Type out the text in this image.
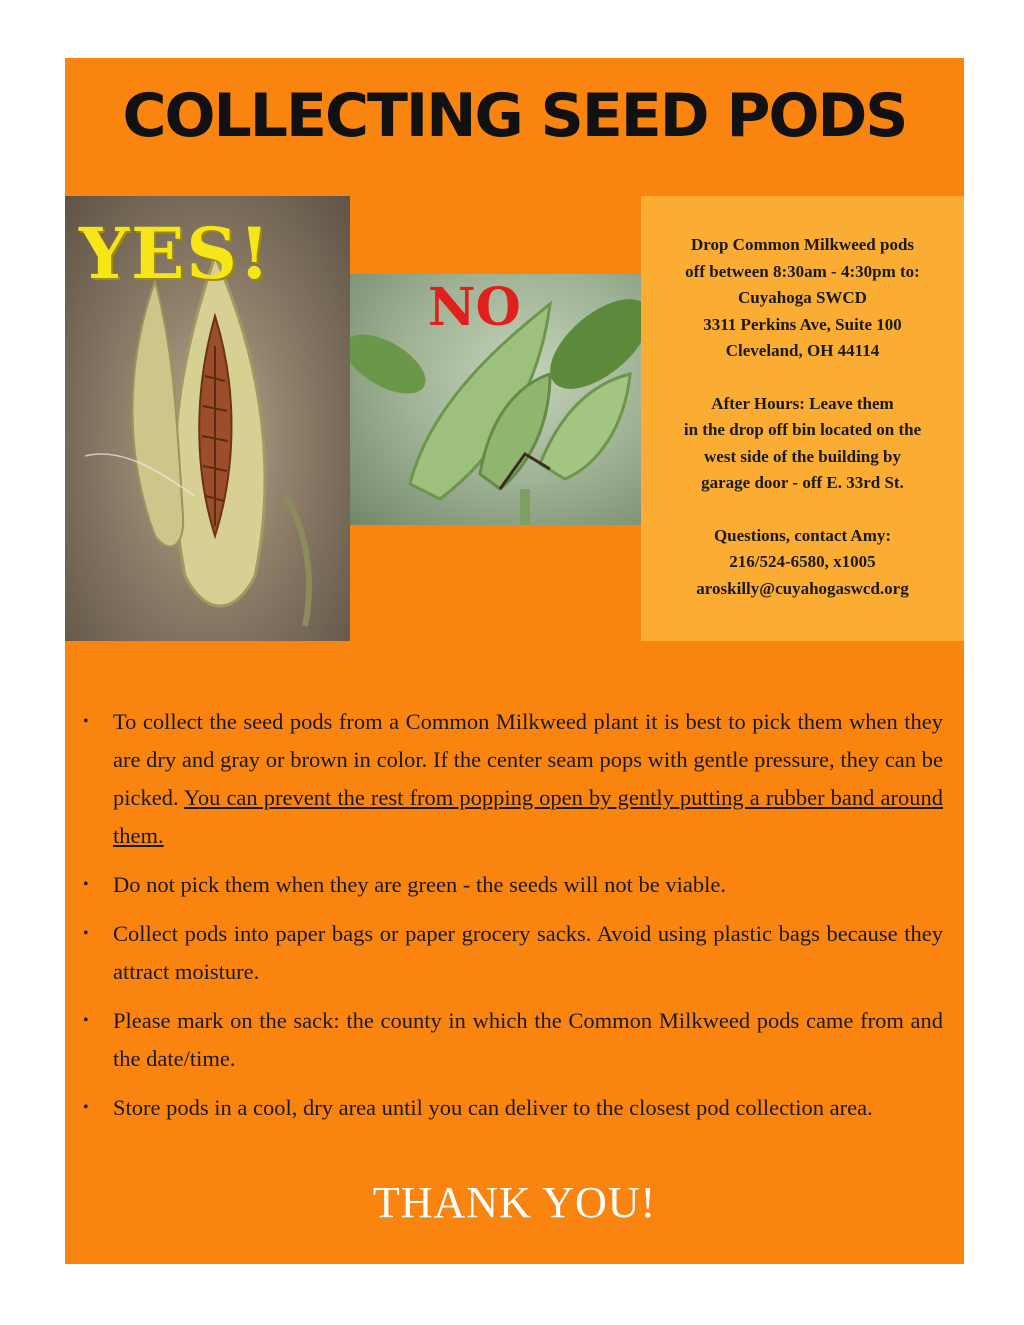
COLLECTING SEED PODS
YES!
NO
Drop Common Milkweed pods
off between 8:30am - 4:30pm to:
Cuyahoga SWCD
3311 Perkins Ave, Suite 100
Cleveland, OH 44114
After Hours: Leave them
in the drop off bin located on the
west side of the building by
garage door - off E. 33rd St.
Questions, contact Amy:
216/524-6580, x1005
aroskilly@cuyahogaswcd.org
• To collect the seed pods from a Common Milkweed plant it is best to pick them when they are dry and gray or brown in color. If the center seam pops with gentle pressure, they can be picked. You can prevent the rest from popping open by gently putting a rubber band around them.
• Do not pick them when they are green - the seeds will not be viable.
• Collect pods into paper bags or paper grocery sacks. Avoid using plastic bags because they attract moisture.
• Please mark on the sack: the county in which the Common Milkweed pods came from and the date/time.
• Store pods in a cool, dry area until you can deliver to the closest pod collection area.
THANK YOU!
